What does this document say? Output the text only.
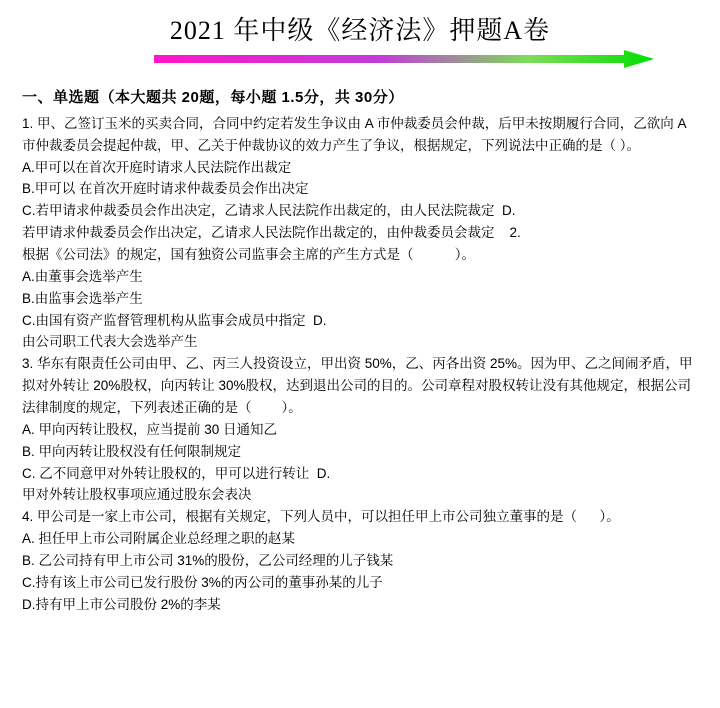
2021 年中级《经济法》押题A卷
一、单选题（本大题共 20题，每小题 1.5分，共 30分）

1. 甲、乙签订玉米的买卖合同，合同中约定若发生争议由 A 市仲裁委员会仲裁，后甲未按期履行合同，乙欲向 A 市仲裁委员会提起仲裁，甲、乙关于仲裁协议的效力产生了争议，根据规定，下列说法中正确的是（ ）。

A.甲可以在首次开庭时请求人民法院作出裁定

B.甲可以 在首次开庭时请求仲裁委员会作出决定

C.若甲请求仲裁委员会作出决定，乙请求人民法院作出裁定的，由人民法院裁定  D.

若甲请求仲裁委员会作出决定，乙请求人民法院作出裁定的，由仲裁委员会裁定    2.

根据《公司法》的规定，国有独资公司监事会主席的产生方式是（           ）。

A.由董事会选举产生

B.由监事会选举产生

C.由国有资产监督管理机构从监事会成员中指定  D.

由公司职工代表大会选举产生

3. 华东有限责任公司由甲、乙、丙三人投资设立，甲出资 50%，乙、丙各出资 25%。因为甲、乙之间闹矛盾，甲拟对外转让 20%股权，向丙转让 30%股权，达到退出公司的目的。公司章程对股权转让没有其他规定，根据公司法律制度的规定，下列表述正确的是（        ）。

A. 甲向丙转让股权，应当提前 30 日通知乙

B. 甲向丙转让股权没有任何限制规定

C. 乙不同意甲对外转让股权的，甲可以进行转让  D.

甲对外转让股权事项应通过股东会表决

4. 甲公司是一家上市公司，根据有关规定，下列人员中，可以担任甲上市公司独立董事的是（      ）。

A. 担任甲上市公司附属企业总经理之职的赵某

B. 乙公司持有甲上市公司 31%的股份，乙公司经理的儿子钱某

C.持有该上市公司已发行股份 3%的丙公司的董事孙某的儿子

D.持有甲上市公司股份 2%的李某
